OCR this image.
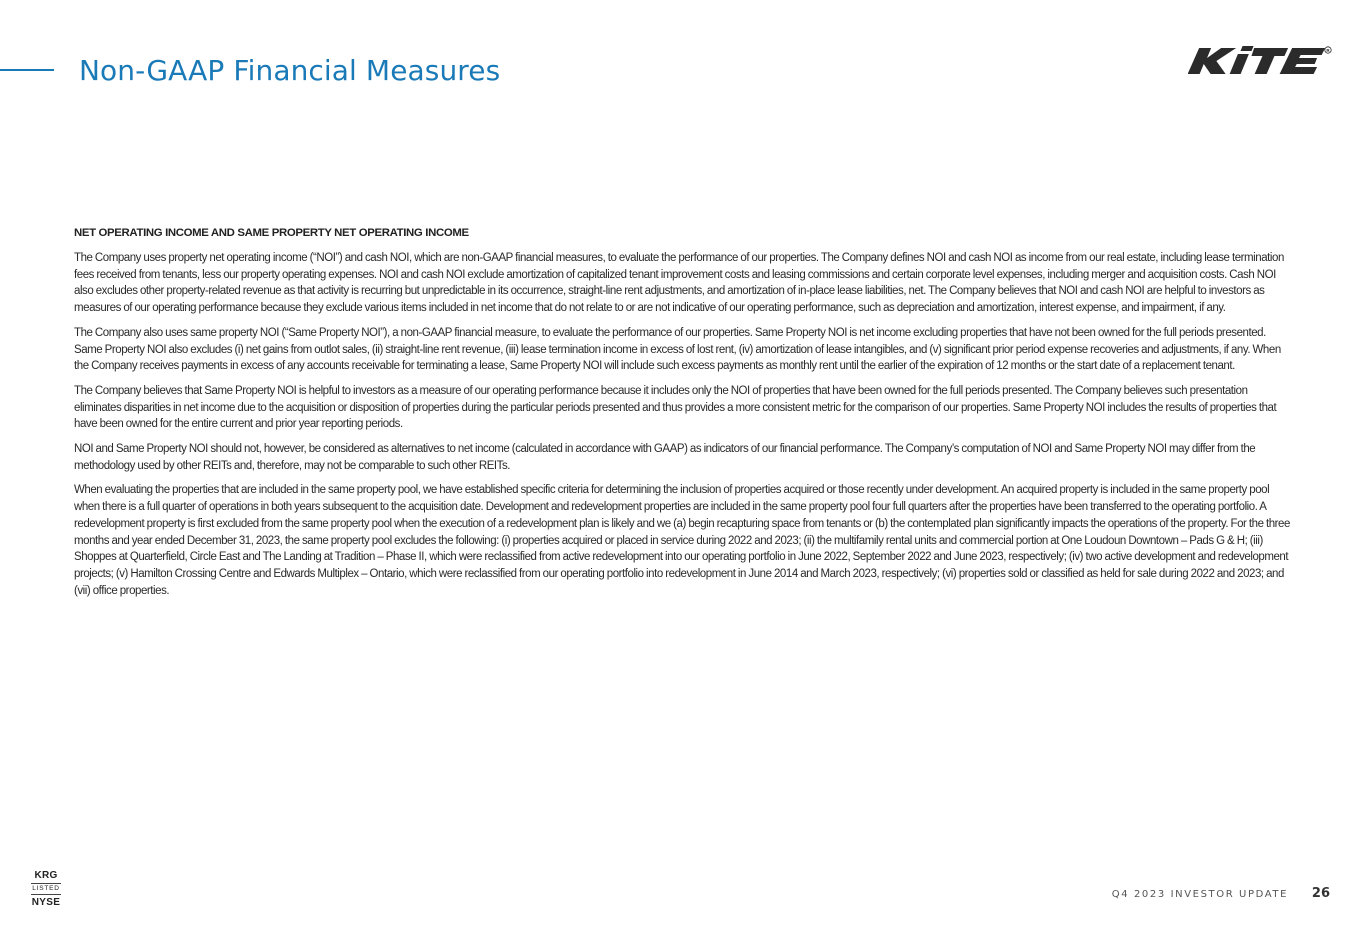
Non-GAAP Financial Measures
R
NET OPERATING INCOME AND SAME PROPERTY NET OPERATING INCOME

The Company uses property net operating income (“NOI”) and cash NOI, which are non-GAAP financial measures, to evaluate the performance of our properties. The Company defines NOI and cash NOI as income from our real estate, including lease termination fees received from tenants, less our property operating expenses. NOI and cash NOI exclude amortization of capitalized tenant improvement costs and leasing commissions and certain corporate level expenses, including merger and acquisition costs. Cash NOI also excludes other property-related revenue as that activity is recurring but unpredictable in its occurrence, straight-line rent adjustments, and amortization of in-place lease liabilities, net. The Company believes that NOI and cash NOI are helpful to investors as measures of our operating performance because they exclude various items included in net income that do not relate to or are not indicative of our operating performance, such as depreciation and amortization, interest expense, and impairment, if any.

The Company also uses same property NOI (“Same Property NOI”), a non-GAAP financial measure, to evaluate the performance of our properties. Same Property NOI is net income excluding properties that have not been owned for the full periods presented. Same Property NOI also excludes (i) net gains from outlot sales, (ii) straight-line rent revenue, (iii) lease termination income in excess of lost rent, (iv) amortization of lease intangibles, and (v) significant prior period expense recoveries and adjustments, if any. When the Company receives payments in excess of any accounts receivable for terminating a lease, Same Property NOI will include such excess payments as monthly rent until the earlier of the expiration of 12 months or the start date of a replacement tenant.

The Company believes that Same Property NOI is helpful to investors as a measure of our operating performance because it includes only the NOI of properties that have been owned for the full periods presented. The Company believes such presentation eliminates disparities in net income due to the acquisition or disposition of properties during the particular periods presented and thus provides a more consistent metric for the comparison of our properties. Same Property NOI includes the results of properties that have been owned for the entire current and prior year reporting periods.

NOI and Same Property NOI should not, however, be considered as alternatives to net income (calculated in accordance with GAAP) as indicators of our financial performance. The Company’s computation of NOI and Same Property NOI may differ from the methodology used by other REITs and, therefore, may not be comparable to such other REITs.

When evaluating the properties that are included in the same property pool, we have established specific criteria for determining the inclusion of properties acquired or those recently under development. An acquired property is included in the same property pool when there is a full quarter of operations in both years subsequent to the acquisition date. Development and redevelopment properties are included in the same property pool four full quarters after the properties have been transferred to the operating portfolio. A redevelopment property is first excluded from the same property pool when the execution of a redevelopment plan is likely and we (a) begin recapturing space from tenants or (b) the contemplated plan significantly impacts the operations of the property. For the three months and year ended December 31, 2023, the same property pool excludes the following: (i) properties acquired or placed in service during 2022 and 2023; (ii) the multifamily rental units and commercial portion at One Loudoun Downtown – Pads G & H; (iii) Shoppes at Quarterfield, Circle East and The Landing at Tradition – Phase II, which were reclassified from active redevelopment into our operating portfolio in June 2022, September 2022 and June 2023, respectively; (iv) two active development and redevelopment projects; (v) Hamilton Crossing Centre and Edwards Multiplex – Ontario, which were reclassified from our operating portfolio into redevelopment in June 2014 and March 2023, respectively; (vi) properties sold or classified as held for sale during 2022 and 2023; and (vii) office properties.

KRG
LISTED
NYSE
Q4 2023 INVESTOR UPDATE	26
